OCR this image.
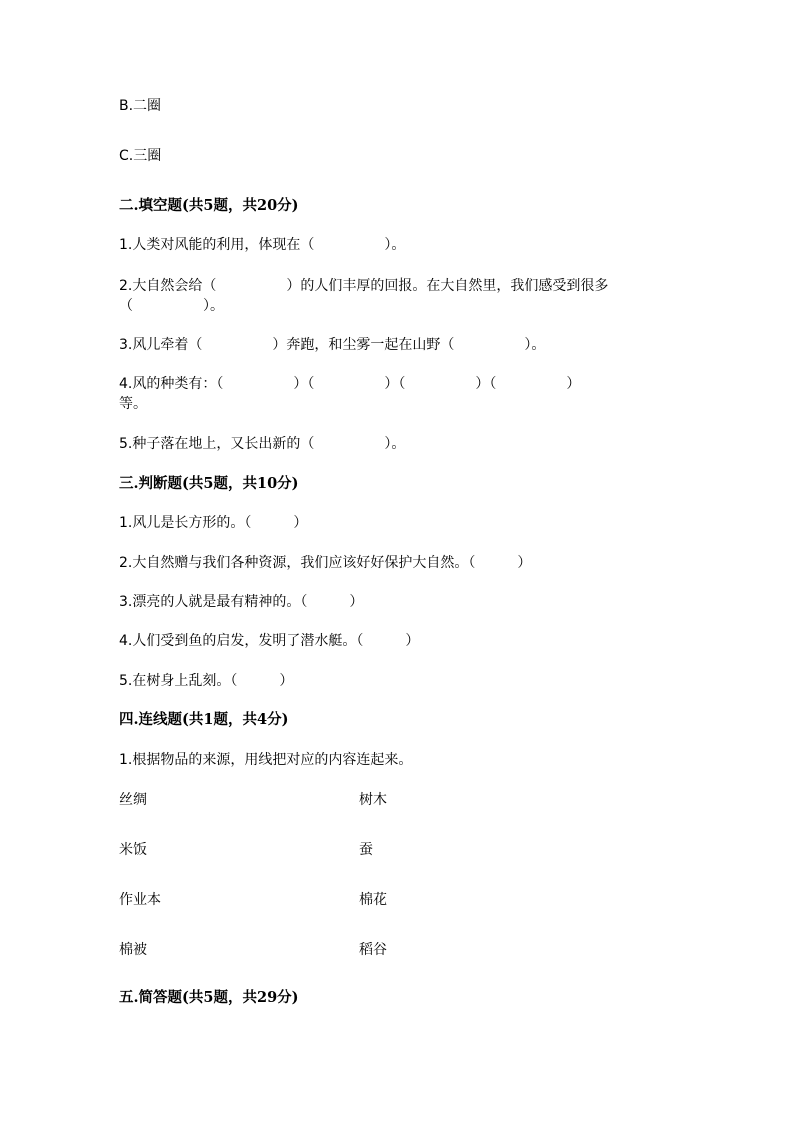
B.二圈
C.三圈
二.填空题(共5题，共20分)
1.人类对风能的利用，体现在（　　　　　）。
2.大自然会给（　　　　　）的人们丰厚的回报。在大自然里，我们感受到很多
（　　　　　）。
3.风儿牵着（　　　　　）奔跑，和尘雾一起在山野（　　　　　）。
4.风的种类有：（　　　　　）（　　　　　）（　　　　　）（　　　　　）
等。
5.种子落在地上，又长出新的（　　　　　）。
三.判断题(共5题，共10分)
1.风儿是长方形的。（　　　）
2.大自然赠与我们各种资源，我们应该好好保护大自然。（　　　）
3.漂亮的人就是最有精神的。（　　　）
4.人们受到鱼的启发，发明了潜水艇。（　　　）
5.在树身上乱刻。（　　　）
四.连线题(共1题，共4分)
1.根据物品的来源，用线把对应的内容连起来。
丝绸	树木
米饭	蚕
作业本	棉花
棉被	稻谷
五.简答题(共5题，共29分)
